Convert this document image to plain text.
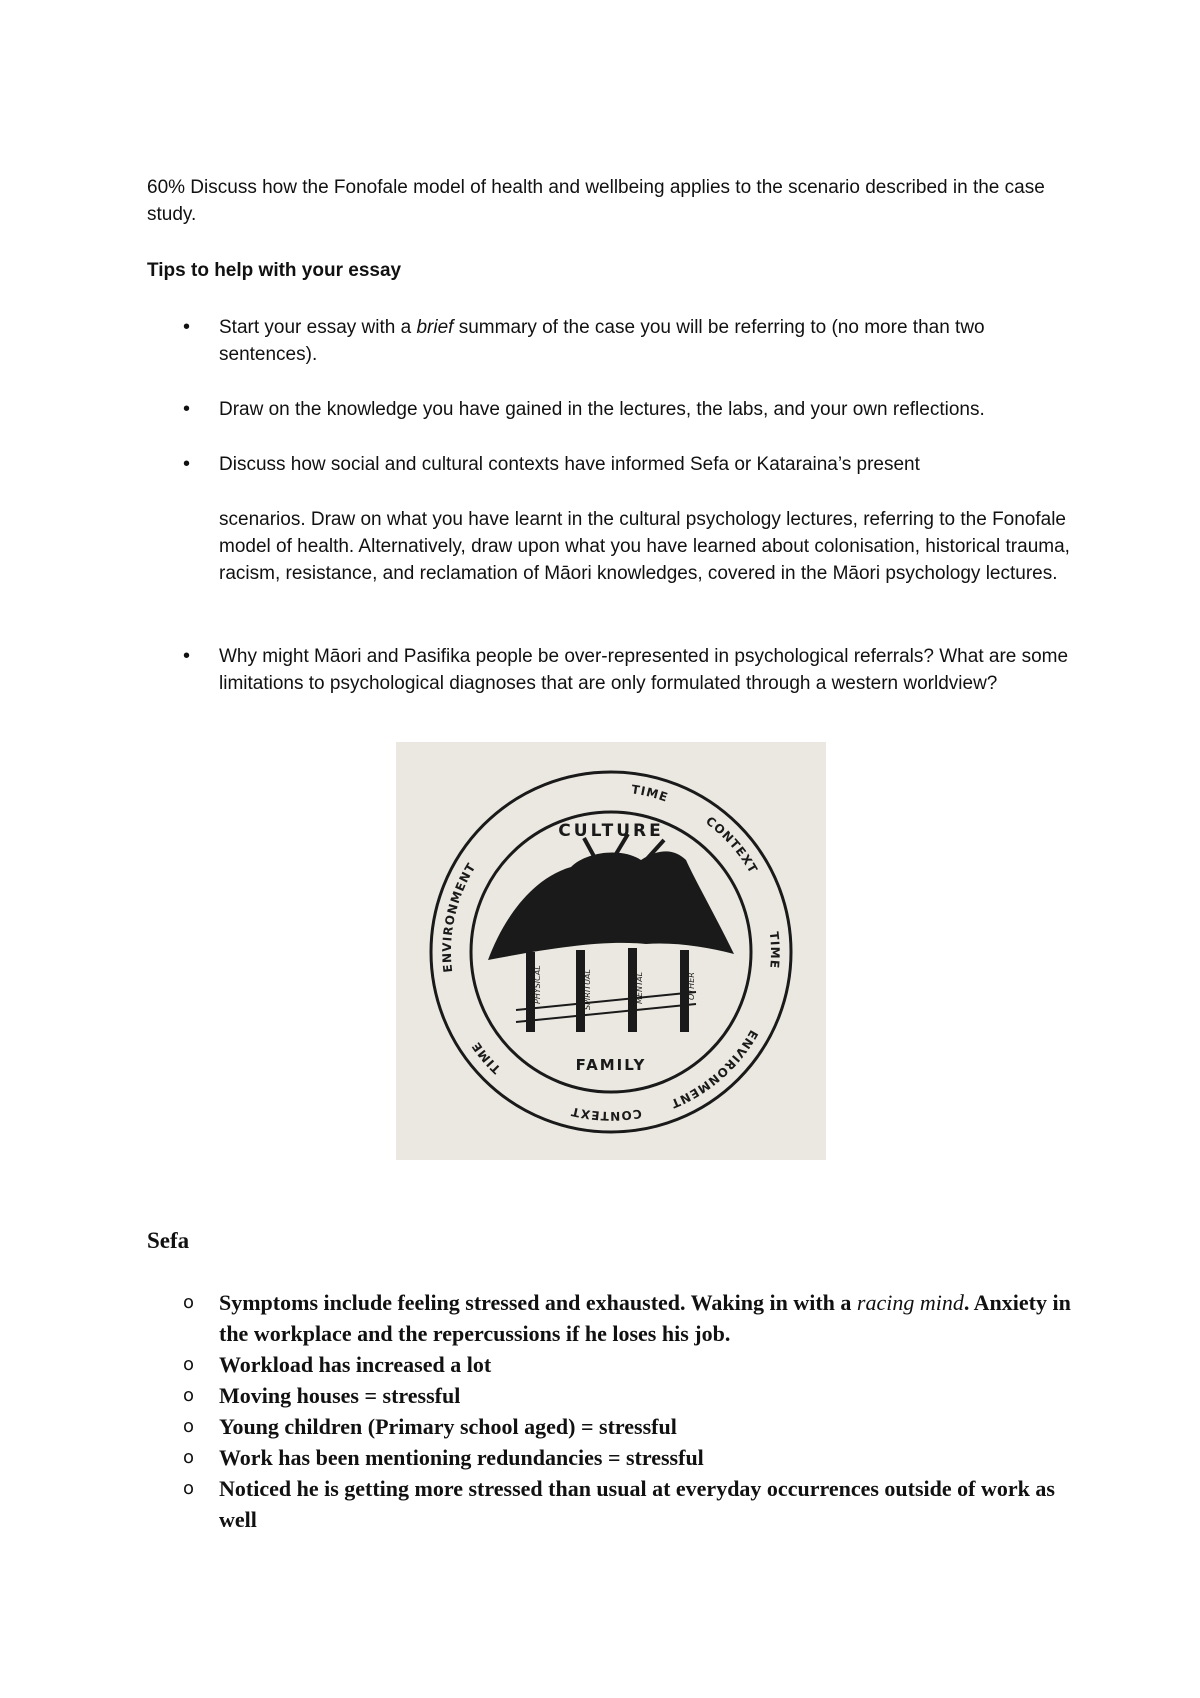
60% Discuss how the Fonofale model of health and wellbeing applies to the scenario described in the case study.
Tips to help with your essay
• Start your essay with a brief summary of the case you will be referring to (no more than two sentences).
• Draw on the knowledge you have gained in the lectures, the labs, and your own reflections.
• Discuss how social and cultural contexts have informed Sefa or Kataraina’s present
scenarios. Draw on what you have learnt in the cultural psychology lectures, referring to the Fonofale model of health. Alternatively, draw upon what you have learned about colonisation, historical trauma, racism, resistance, and reclamation of Māori knowledges, covered in the Māori psychology lectures.
• Why might Māori and Pasifika people be over-represented in psychological referrals? What are some limitations to psychological diagnoses that are only formulated through a western worldview?
TIME
CONTEXT
TIME
ENVIRONMENT
CONTEXT
TIME
ENVIRONMENT
CULTURE
PHYSICAL	SPIRITUAL	MENTAL	OTHER
FAMILY
Sefa
o Symptoms include feeling stressed and exhausted. Waking in with a racing mind. Anxiety in the workplace and the repercussions if he loses his job.
o Workload has increased a lot
o Moving houses = stressful
o Young children (Primary school aged) = stressful
o Work has been mentioning redundancies = stressful
o Noticed he is getting more stressed than usual at everyday occurrences outside of work as well
